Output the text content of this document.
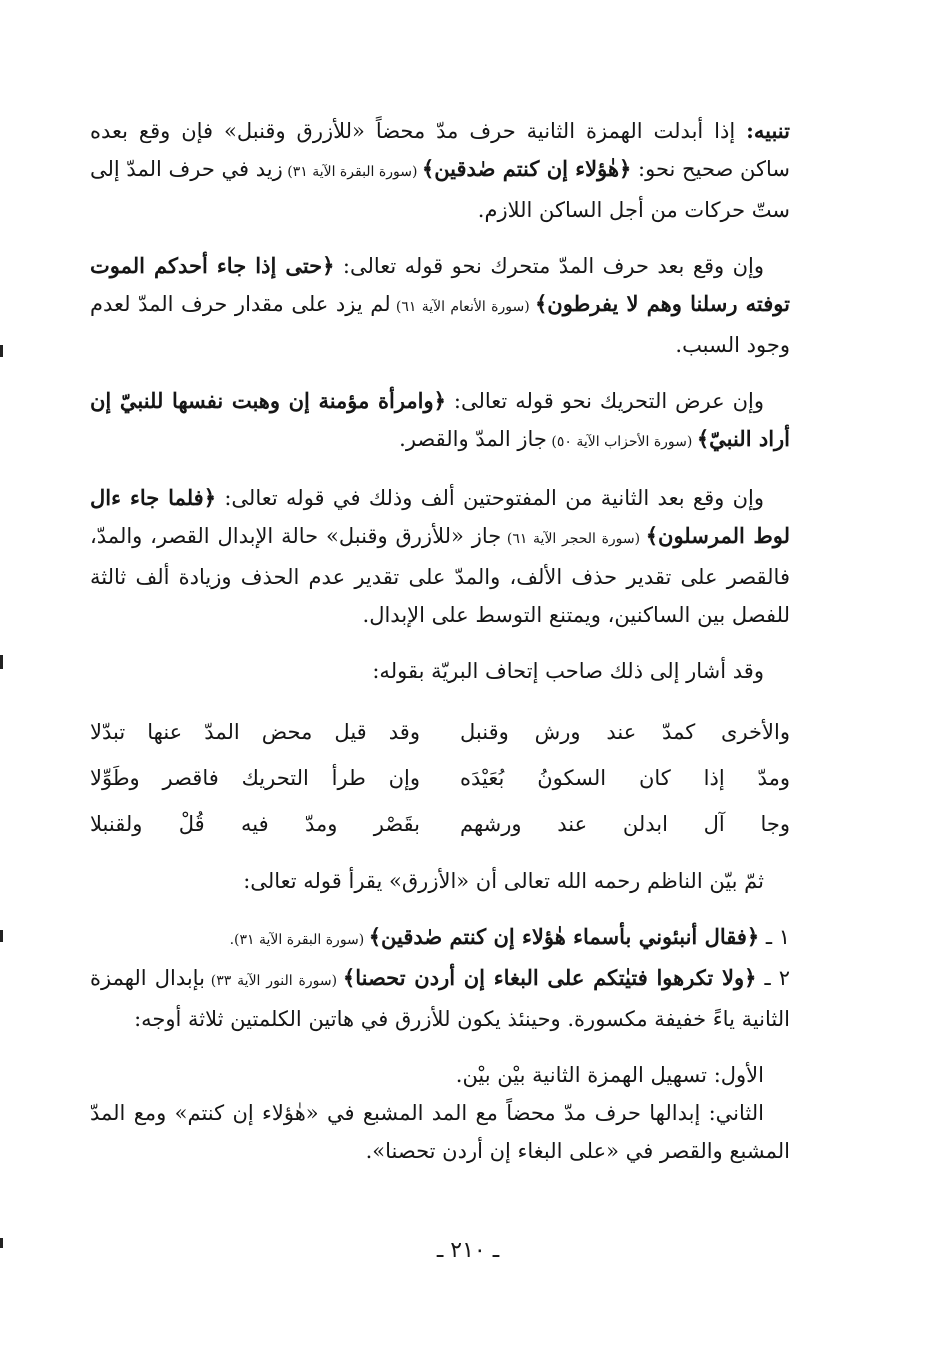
تنبيه: إذا أبدلت الهمزة الثانية حرف مدّ محضاً «للأزرق وقنبل» فإن وقع بعده ساكن صحيح نحو: ﴿هٰؤلاء إن كنتم صٰدقين﴾ (سورة البقرة الآية ٣١) زيد في حرف المدّ إلى ستّ حركات من أجل الساكن اللازم.

وإن وقع بعد حرف المدّ متحرك نحو قوله تعالى: ﴿حتى إذا جاء أحدكم الموت توفته رسلنا وهم لا يفرطون﴾ (سورة الأنعام الآية ٦١) لم يزد على مقدار حرف المدّ لعدم وجود السبب.

وإن عرض التحريك نحو قوله تعالى: ﴿وامرأة مؤمنة إن وهبت نفسها للنبيّ إن أراد النبيّ﴾ (سورة الأحزاب الآية ٥٠) جاز المدّ والقصر.

وإن وقع بعد الثانية من المفتوحتين ألف وذلك في قوله تعالى: ﴿فلما جاء ءال لوط المرسلون﴾ (سورة الحجر الآية ٦١) جاز «للأزرق وقنبل» حالة الإبدال القصر، والمدّ، فالقصر على تقدير حذف الألف، والمدّ على تقدير عدم الحذف وزيادة ألف ثالثة للفصل بين الساكنين، ويمتنع التوسط على الإبدال.

وقد أشار إلى ذلك صاحب إتحاف البريّة بقوله:

والأخرى كمدّ عند ورش وقنبل
وقد قيل محض المدّ عنها تبدّلا
ومدّ إذا كان السكونُ بُعَيْدَه
وإن طرأ التحريك فاقصر وطَوِّلا
وجا آل ابدلن عند ورشهم
بقَصْر ومدّ فيه قُلْ ولقنبلا

ثمّ بيّن الناظم رحمه الله تعالى أن «الأزرق» يقرأ قوله تعالى:

١ ـ ﴿فقال أنبئوني بأسماء هٰؤلاء إن كنتم صٰدقين﴾ (سورة البقرة الآية ٣١).

٢ ـ ﴿ولا تكرهوا فتيٰتكم على البغاء إن أردن تحصنا﴾ (سورة النور الآية ٣٣) بإبدال الهمزة الثانية ياءً خفيفة مكسورة. وحينئذ يكون للأزرق في هاتين الكلمتين ثلاثة أوجه:

الأول: تسهيل الهمزة الثانية بيْن بيْن.

الثاني: إبدالها حرف مدّ محضاً مع المد المشبع في «هٰؤلاء إن كنتم» ومع المدّ المشبع والقصر في «على البغاء إن أردن تحصنا».

ـ ٢١٠ ـ
